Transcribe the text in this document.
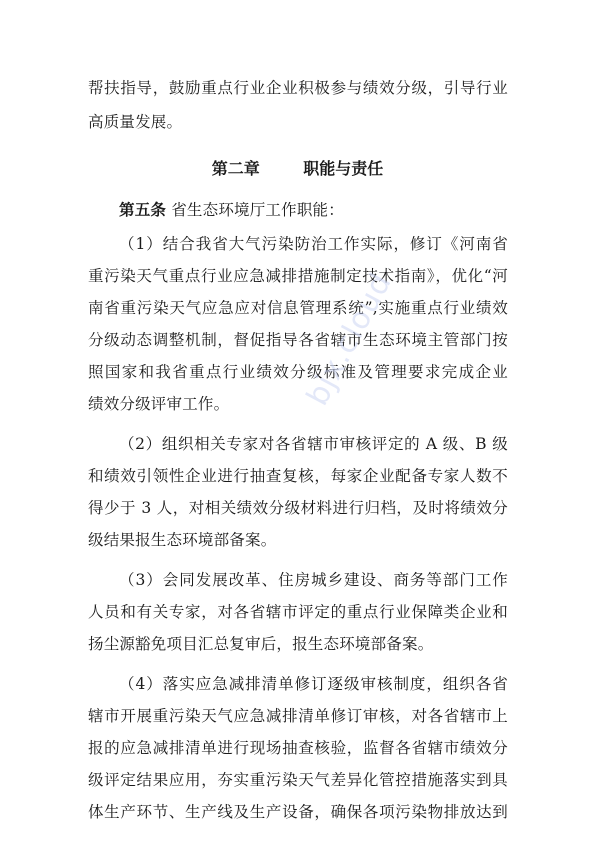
帮扶指导，鼓励重点行业企业积极参与绩效分级，引导行业
高质量发展。
第二章　 职能与责任
第五条 省生态环境厅工作职能：
（1）结合我省大气污染防治工作实际，修订《河南省
重污染天气重点行业应急减排措施制定技术指南》，优化“河
南省重污染天气应急应对信息管理系统”,实施重点行业绩效
分级动态调整机制，督促指导各省辖市生态环境主管部门按
照国家和我省重点行业绩效分级标准及管理要求完成企业
绩效分级评审工作。
（2）组织相关专家对各省辖市审核评定的 A 级、B 级
和绩效引领性企业进行抽查复核，每家企业配备专家人数不
得少于 3 人，对相关绩效分级材料进行归档，及时将绩效分
级结果报生态环境部备案。
（3）会同发展改革、住房城乡建设、商务等部门工作
人员和有关专家，对各省辖市评定的重点行业保障类企业和
扬尘源豁免项目汇总复审后，报生态环境部备案。
（4）落实应急减排清单修订逐级审核制度，组织各省
辖市开展重污染天气应急减排清单修订审核，对各省辖市上
报的应急减排清单进行现场抽查核验，监督各省辖市绩效分
级评定结果应用，夯实重污染天气差异化管控措施落实到具
体生产环节、生产线及生产设备，确保各项污染物排放达到
bjx.cloud
